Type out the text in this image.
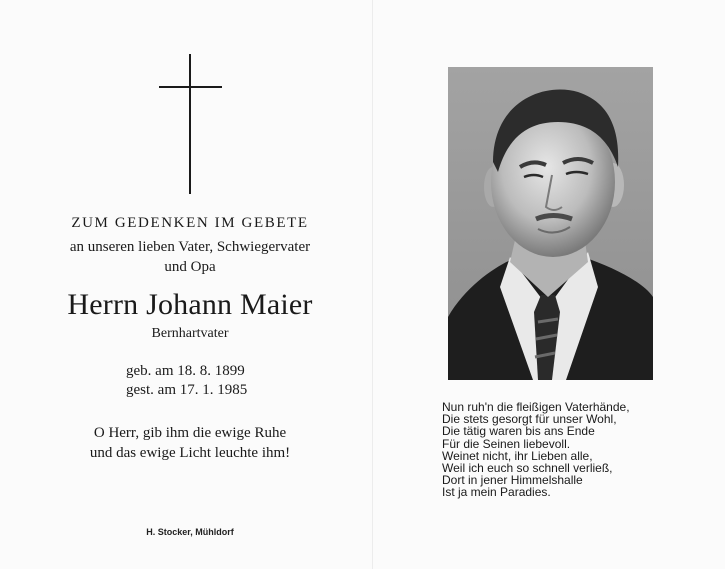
ZUM GEDENKEN IM GEBETE
an unseren lieben Vater, Schwiegervater
und Opa
Herrn Johann Maier
Bernhartvater
geb. am 18. 8. 1899
gest. am 17. 1. 1985
O Herr, gib ihm die ewige Ruhe
und das ewige Licht leuchte ihm!
H. Stocker, Mühldorf
Nun ruh'n die fleißigen Vaterhände,
Die stets gesorgt für unser Wohl,
Die tätig waren bis ans Ende
Für die Seinen liebevoll.
Weinet nicht, ihr Lieben alle,
Weil ich euch so schnell verließ,
Dort in jener Himmelshalle
Ist ja mein Paradies.
